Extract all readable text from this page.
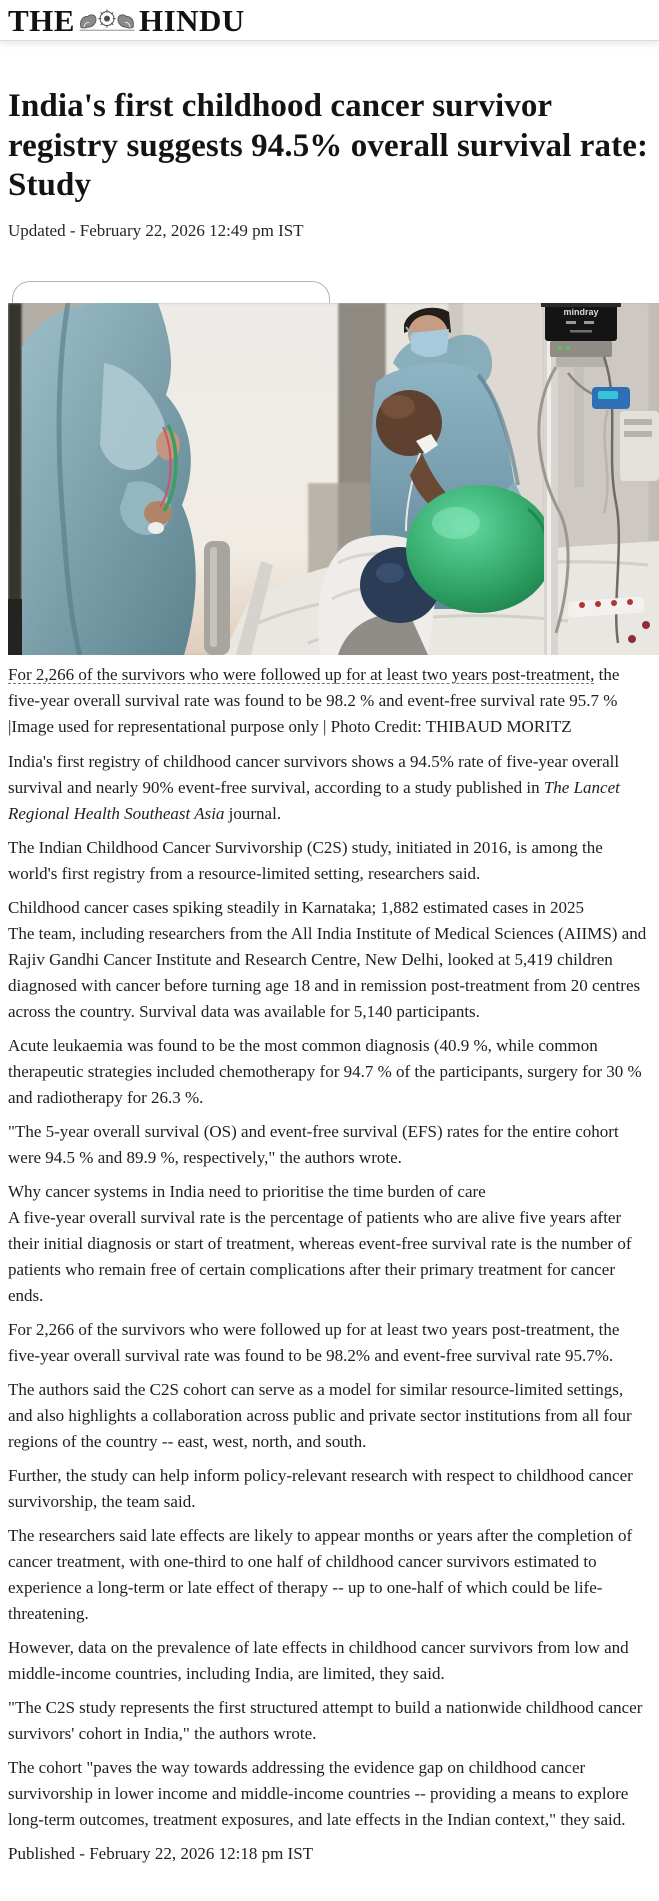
THE HINDU
India's first childhood cancer survivor registry suggests 94.5% overall survival rate: Study
Updated - February 22, 2026 12:49 pm IST
mindray
For 2,266 of the survivors who were followed up for at least two years post-treatment, the five-year overall survival rate was found to be 98.2 % and event-free survival rate 95.7 % |Image used for representational purpose only | Photo Credit: THIBAUD MORITZ

India's first registry of childhood cancer survivors shows a 94.5% rate of five-year overall survival and nearly 90% event-free survival, according to a study published in The Lancet Regional Health Southeast Asia journal.

The Indian Childhood Cancer Survivorship (C2S) study, initiated in 2016, is among the world's first registry from a resource-limited setting, researchers said.

Childhood cancer cases spiking steadily in Karnataka; 1,882 estimated cases in 2025
The team, including researchers from the All India Institute of Medical Sciences (AIIMS) and Rajiv Gandhi Cancer Institute and Research Centre, New Delhi, looked at 5,419 children diagnosed with cancer before turning age 18 and in remission post-treatment from 20 centres across the country. Survival data was available for 5,140 participants.

Acute leukaemia was found to be the most common diagnosis (40.9 %, while common therapeutic strategies included chemotherapy for 94.7 % of the participants, surgery for 30 % and radiotherapy for 26.3 %.

"The 5-year overall survival (OS) and event-free survival (EFS) rates for the entire cohort were 94.5 % and 89.9 %, respectively," the authors wrote.

Why cancer systems in India need to prioritise the time burden of care
A five-year overall survival rate is the percentage of patients who are alive five years after their initial diagnosis or start of treatment, whereas event-free survival rate is the number of patients who remain free of certain complications after their primary treatment for cancer ends.

For 2,266 of the survivors who were followed up for at least two years post-treatment, the five-year overall survival rate was found to be 98.2% and event-free survival rate 95.7%.

The authors said the C2S cohort can serve as a model for similar resource-limited settings, and also highlights a collaboration across public and private sector institutions from all four regions of the country -- east, west, north, and south.

Further, the study can help inform policy-relevant research with respect to childhood cancer survivorship, the team said.

The researchers said late effects are likely to appear months or years after the completion of cancer treatment, with one-third to one half of childhood cancer survivors estimated to experience a long-term or late effect of therapy -- up to one-half of which could be life-threatening.

However, data on the prevalence of late effects in childhood cancer survivors from low and middle-income countries, including India, are limited, they said.

"The C2S study represents the first structured attempt to build a nationwide childhood cancer survivors' cohort in India," the authors wrote.

The cohort "paves the way towards addressing the evidence gap on childhood cancer survivorship in lower income and middle-income countries -- providing a means to explore long-term outcomes, treatment exposures, and late effects in the Indian context," they said.

Published - February 22, 2026 12:18 pm IST
